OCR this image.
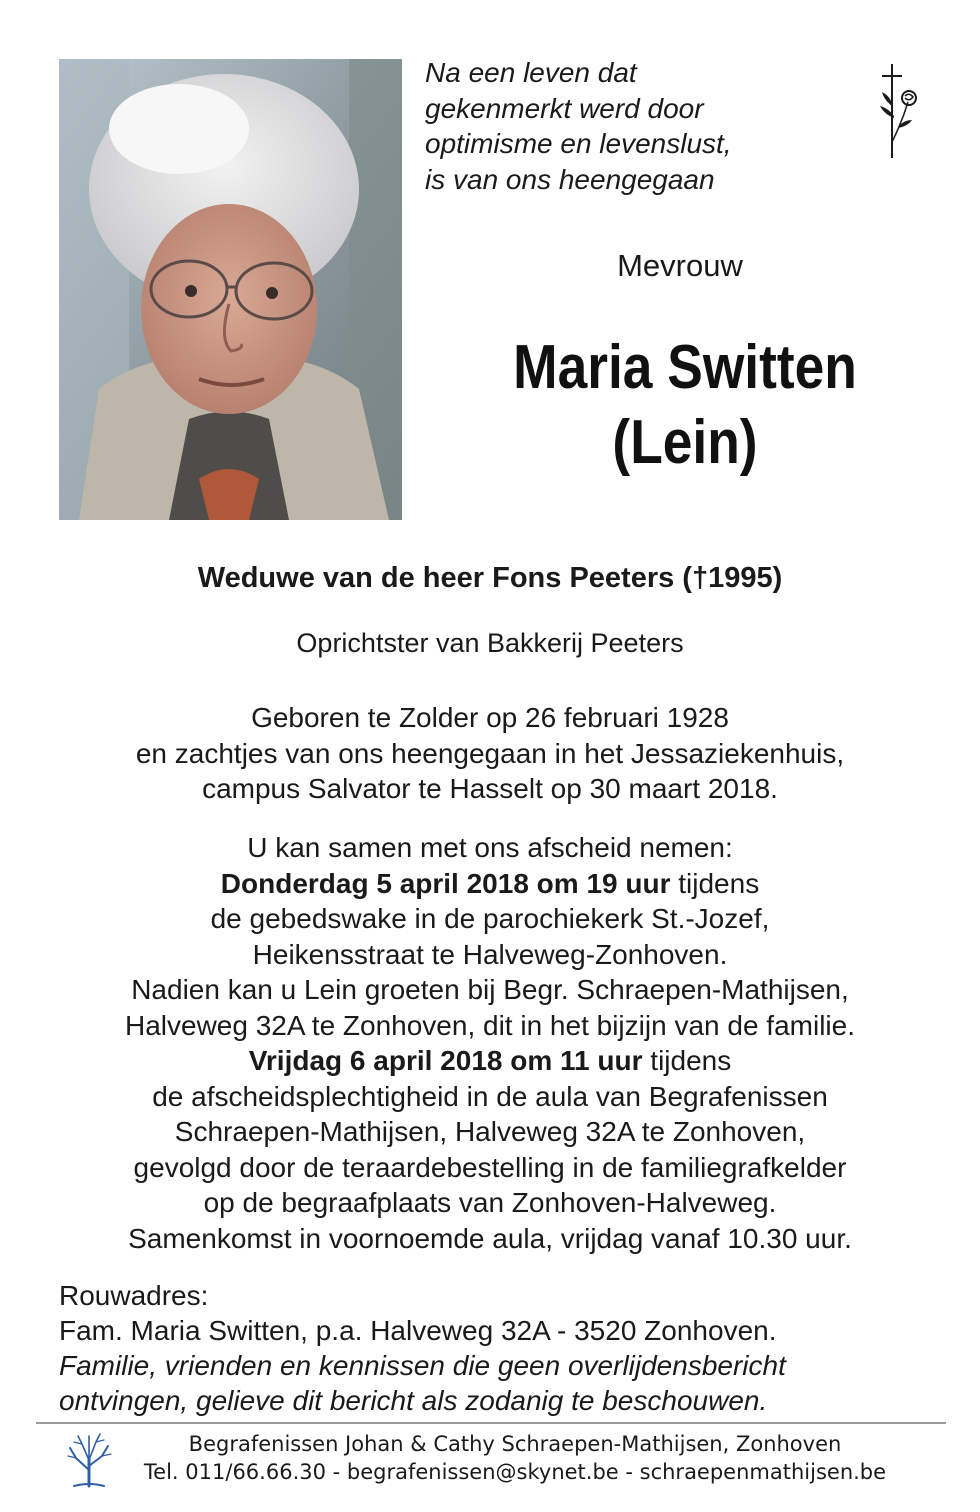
Na een leven dat
gekenmerkt werd door
optimisme en levenslust,
is van ons heengegaan
Mevrouw
Maria Switten
(Lein)
Weduwe van de heer Fons Peeters (†1995)
Oprichtster van Bakkerij Peeters
Geboren te Zolder op 26 februari 1928
en zachtjes van ons heengegaan in het Jessaziekenhuis,
campus Salvator te Hasselt op 30 maart 2018.
U kan samen met ons afscheid nemen:
Donderdag 5 april 2018 om 19 uur tijdens
de gebedswake in de parochiekerk St.-Jozef,
Heikensstraat te Halveweg-Zonhoven.
Nadien kan u Lein groeten bij Begr. Schraepen-Mathijsen,
Halveweg 32A te Zonhoven, dit in het bijzijn van de familie.
Vrijdag 6 april 2018 om 11 uur tijdens
de afscheidsplechtigheid in de aula van Begrafenissen
Schraepen-Mathijsen, Halveweg 32A te Zonhoven,
gevolgd door de teraardebestelling in de familiegrafkelder
op de begraafplaats van Zonhoven-Halveweg.
Samenkomst in voornoemde aula, vrijdag vanaf 10.30 uur.
Rouwadres:
Fam. Maria Switten, p.a. Halveweg 32A - 3520 Zonhoven.
Familie, vrienden en kennissen die geen overlijdensbericht
ontvingen, gelieve dit bericht als zodanig te beschouwen.
Begrafenissen Johan & Cathy Schraepen-Mathijsen, Zonhoven
Tel. 011/66.66.30 - begrafenissen@skynet.be - schraepenmathijsen.be
